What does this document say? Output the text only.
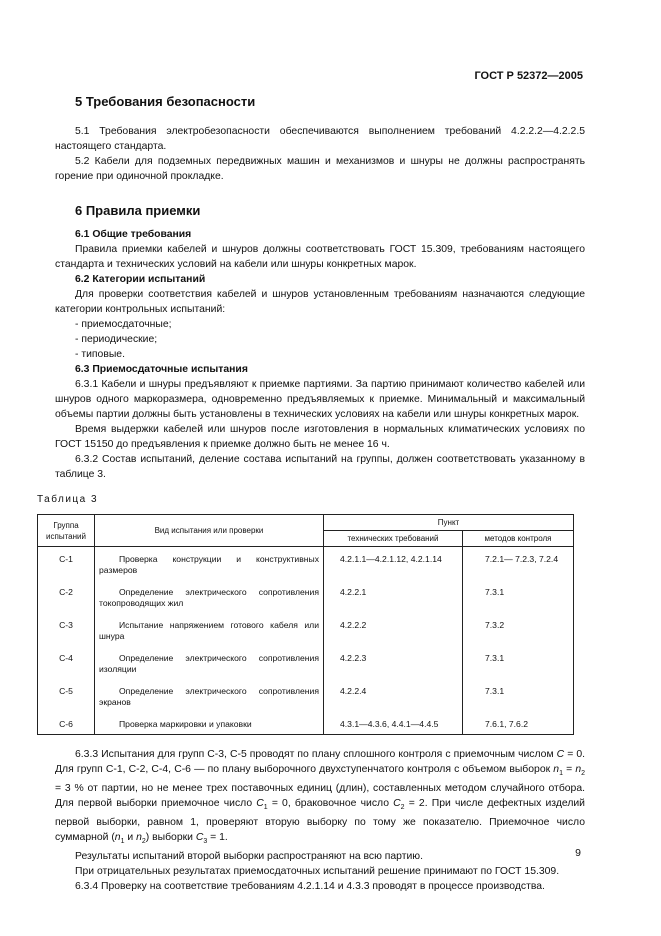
ГОСТ Р 52372—2005
5 Требования безопасности

5.1 Требования электробезопасности обеспечиваются выполнением требований 4.2.2.2—4.2.2.5 настоящего стандарта.

5.2 Кабели для подземных передвижных машин и механизмов и шнуры не должны распространять горение при одиночной прокладке.

6 Правила приемки

6.1 Общие требования

Правила приемки кабелей и шнуров должны соответствовать ГОСТ 15.309, требованиям настоящего стандарта и технических условий на кабели или шнуры конкретных марок.

6.2 Категории испытаний

Для проверки соответствия кабелей и шнуров установленным требованиям назначаются следующие категории контрольных испытаний:

- приемосдаточные;

- периодические;

- типовые.

6.3 Приемосдаточные испытания

6.3.1 Кабели и шнуры предъявляют к приемке партиями. За партию принимают количество кабелей или шнуров одного маркоразмера, одновременно предъявляемых к приемке. Минимальный и максимальный объемы партии должны быть установлены в технических условиях на кабели или шнуры конкретных марок.

Время выдержки кабелей или шнуров после изготовления в нормальных климатических условиях по ГОСТ 15150 до предъявления к приемке должно быть не менее 16 ч.

6.3.2 Состав испытаний, деление состава испытаний на группы, должен соответствовать указанному в таблице 3.

Таблица 3

Группа испытаний	Вид испытания или проверки	Пункт	
		технических требований	методов контроля
С-1	Проверка конструкции и конструктивных размеров	4.2.1.1—4.2.1.12, 4.2.1.14	7.2.1— 7.2.3, 7.2.4
С-2	Определение электрического сопротивления токопроводящих жил	4.2.2.1	7.3.1
С-3	Испытание напряжением готового кабеля или шнура	4.2.2.2	7.3.2
С-4	Определение электрического сопротивления изоляции	4.2.2.3	7.3.1
С-5	Определение электрического сопротивления экранов	4.2.2.4	7.3.1
С-6	Проверка маркировки и упаковки	4.3.1—4.3.6, 4.4.1—4.4.5	7.6.1, 7.6.2

6.3.3 Испытания для групп С-3, С-5 проводят по плану сплошного контроля с приемочным числом С = 0. Для групп С-1, С-2, С-4, С-6 — по плану выборочного двухступенчатого контроля с объемом выборок $n_1 = n_2 = 3$ % от партии, но не менее трех поставочных единиц (длин), составленных методом случайного отбора. Для первой выборки приемочное число $С_1 = 0$, браковочное число $С_2 = 2$. При числе дефектных изделий первой выборки, равном 1, проверяют вторую выборку по тому же показателю. Приемочное число суммарной ($n_1$ и $n_2$) выборки $С_3 = 1$.

Результаты испытаний второй выборки распространяют на всю партию.

При отрицательных результатах приемосдаточных испытаний решение принимают по ГОСТ 15.309.

6.3.4 Проверку на соответствие требованиям 4.2.1.14 и 4.3.3 проводят в процессе производства.

9
